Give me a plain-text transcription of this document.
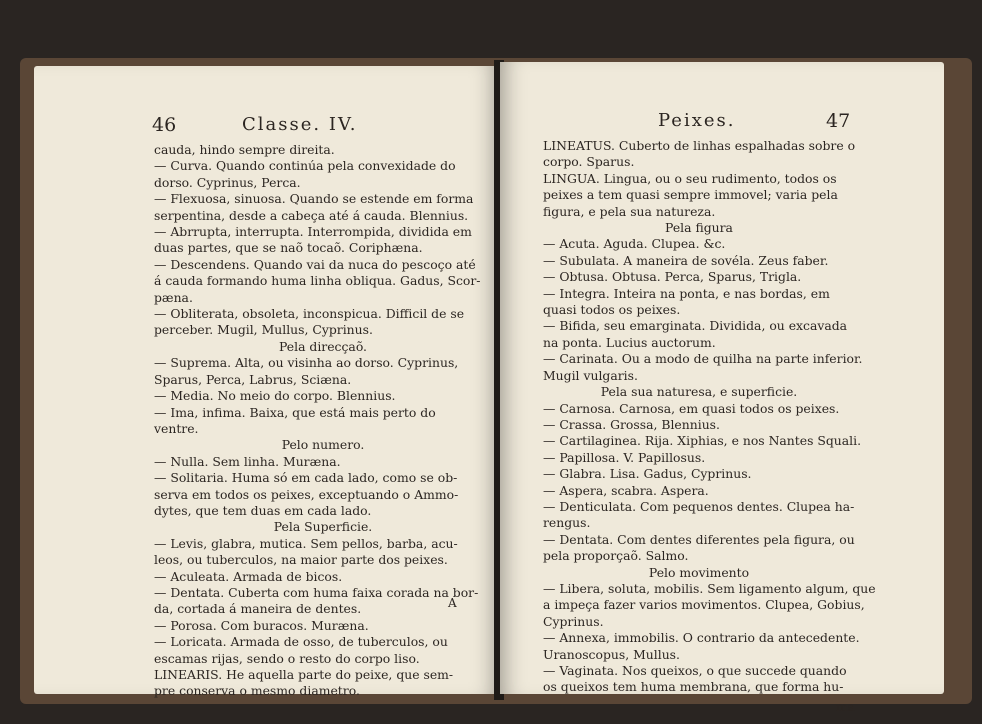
46	Classe. IV.
cauda, hindo sempre direita.
— Curva. Quando continúa pela convexidade do
dorso. Cyprinus, Perca.
— Flexuosa, sinuosa. Quando se estende em forma
serpentina, desde a cabeça até á cauda. Blennius.
— Abrrupta, interrupta. Interrompida, dividida em
duas partes, que se naõ tocaõ. Coriphæna.
— Descendens. Quando vai da nuca do pescoço até
á cauda formando huma linha obliqua. Gadus, Scor-
pæna.
— Obliterata, obsoleta, inconspicua. Difficil de se
perceber. Mugil, Mullus, Cyprinus.
Pela direcçaõ.
— Suprema. Alta, ou visinha ao dorso. Cyprinus,
Sparus, Perca, Labrus, Sciæna.
— Media. No meio do corpo. Blennius.
— Ima, infima. Baixa, que está mais perto do
ventre.
Pelo numero.
— Nulla. Sem linha. Muræna.
— Solitaria. Huma só em cada lado, como se ob-
serva em todos os peixes, exceptuando o Ammo-
dytes, que tem duas em cada lado.
Pela Superficie.
— Levis, glabra, mutica. Sem pellos, barba, acu-
leos, ou tuberculos, na maior parte dos peixes.
— Aculeata. Armada de bicos.
— Dentata. Cuberta com huma faixa corada na bor-
da, cortada á maneira de dentes.
— Porosa. Com buracos. Muræna.
— Loricata. Armada de osso, de tuberculos, ou
escamas rijas, sendo o resto do corpo liso.
LINEARIS. He aquella parte do peixe, que sem-
pre conserva o mesmo diametro.
A
Peixes.	47
LINEATUS. Cuberto de linhas espalhadas sobre o
corpo. Sparus.
LINGUA. Lingua, ou o seu rudimento, todos os
peixes a tem quasi sempre immovel; varia pela
figura, e pela sua natureza.
Pela figura
— Acuta. Aguda. Clupea. &c.
— Subulata. A maneira de sovéla. Zeus faber.
— Obtusa. Obtusa. Perca, Sparus, Trigla.
— Integra. Inteira na ponta, e nas bordas, em
quasi todos os peixes.
— Bifida, seu emarginata. Dividida, ou excavada
na ponta. Lucius auctorum.
— Carinata. Ou a modo de quilha na parte inferior.
Mugil vulgaris.
Pela sua naturesa, e superficie.
— Carnosa. Carnosa, em quasi todos os peixes.
— Crassa. Grossa, Blennius.
— Cartilaginea. Rija. Xiphias, e nos Nantes Squali.
— Papillosa. V. Papillosus.
— Glabra. Lisa. Gadus, Cyprinus.
— Aspera, scabra. Aspera.
— Denticulata. Com pequenos dentes. Clupea ha-
rengus.
— Dentata. Com dentes diferentes pela figura, ou
pela proporçaõ. Salmo.
Pelo movimento
— Libera, soluta, mobilis. Sem ligamento algum, que
a impeça fazer varios movimentos. Clupea, Gobius,
Cyprinus.
— Annexa, immobilis. O contrario da antecedente.
Uranoscopus, Mullus.
— Vaginata. Nos queixos, o que succede quando
os queixos tem huma membrana, que forma hu-
ma
